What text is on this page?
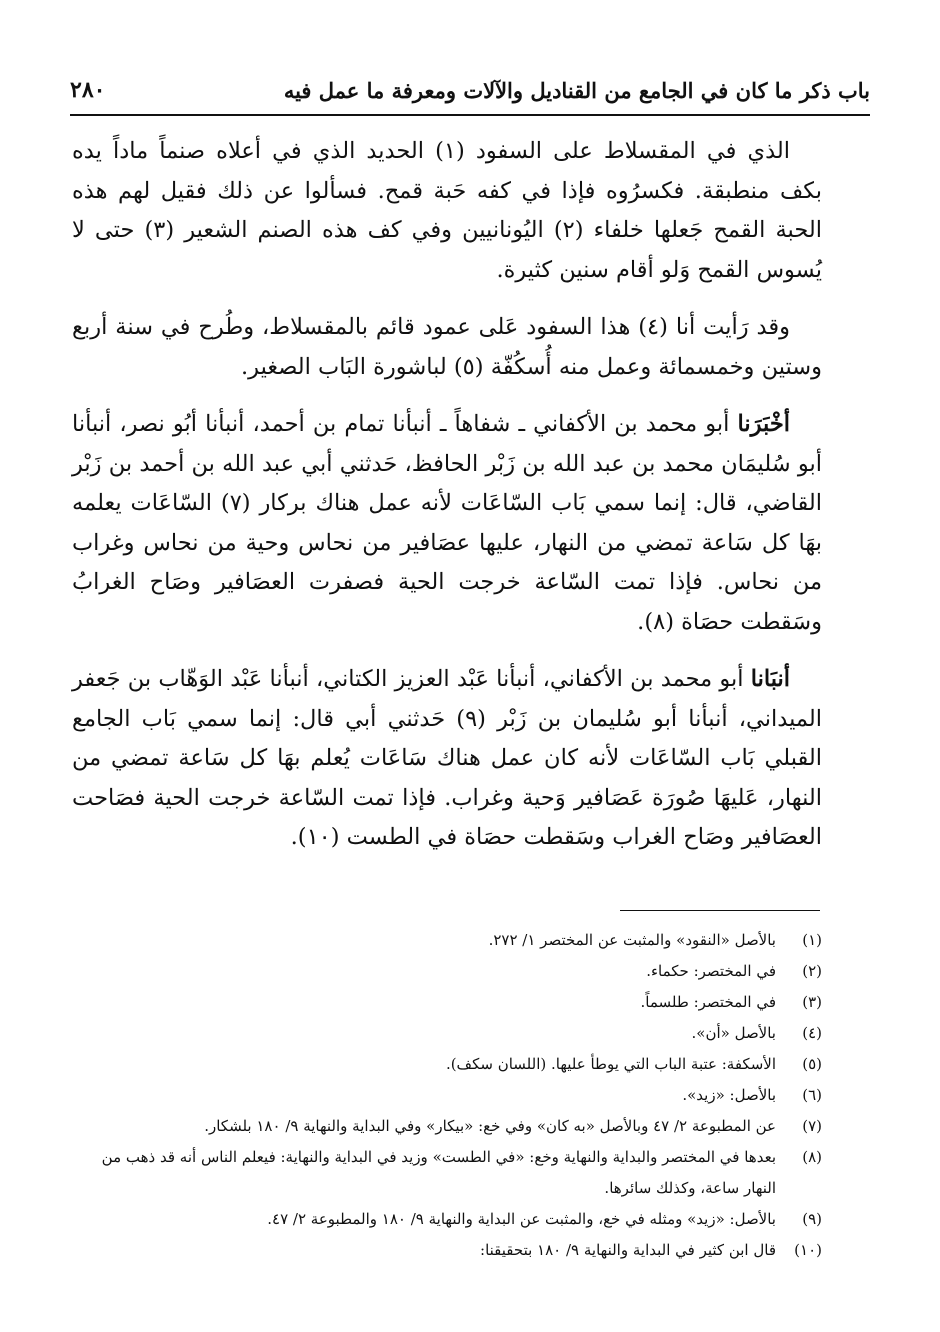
باب ذكر ما كان في الجامع من القناديل والآلات ومعرفة ما عمل فيه
٢٨٠

الذي في المقسلاط على السفود (١) الحديد الذي في أعلاه صنماً ماداً يده بكف منطبقة. فكسرُوه فإذا في كفه حَبة قمح. فسألوا عن ذلك فقيل لهم هذه الحبة القمح جَعلها خلفاء (٢) اليُونانيين وفي كف هذه الصنم الشعير (٣) حتى لا يُسوس القمح وَلو أقام سنين كثيرة.

وقد رَأيت أنا (٤) هذا السفود عَلى عمود قائم بالمقسلاط، وطُرح في سنة أربع وستين وخمسمائة وعمل منه أُسكُفّة (٥) لباشورة البَاب الصغير.

أخْبَرَنا أبو محمد بن الأكفاني ـ شفاهاً ـ أنبأنا تمام بن أحمد، أنبأنا أبُو نصر، أنبأنا أبو سُليمَان محمد بن عبد الله بن زَبْر الحافظ، حَدثني أبي عبد الله بن أحمد بن زَبْر القاضي، قال: إنما سمي بَاب السّاعَات لأنه عمل هناك بركار (٧) السّاعَات يعلمه بهَا كل سَاعة تمضي من النهار، عليها عصَافير من نحاس وحية من نحاس وغراب من نحاس. فإذا تمت السّاعة خرجت الحية فصفرت العصَافير وصَاح الغرابُ وسَقطت حصَاة (٨).

أنبَانا أبو محمد بن الأكفاني، أنبأنا عَبْد العزيز الكتاني، أنبأنا عَبْد الوَهّاب بن جَعفر الميداني، أنبأنا أبو سُليمان بن زَبْر (٩) حَدثني أبي قال: إنما سمي بَاب الجامع القبلي بَاب السّاعَات لأنه كان عمل هناك سَاعَات يُعلم بهَا كل سَاعة تمضي من النهار، عَليهَا صُورَة عَصَافير وَحية وغراب. فإذا تمت السّاعة خرجت الحية فصَاحت العصَافير وصَاح الغراب وسَقطت حصَاة في الطست (١٠).

(١)
بالأصل «النقود» والمثبت عن المختصر ١/ ٢٧٢.
(٢)
في المختصر: حكماء.
(٣)
في المختصر: طلسماً.
(٤)
بالأصل «أن».
(٥)
الأسكفة: عتبة الباب التي يوطأ عليها. (اللسان سكف).
(٦)
بالأصل: «زيد».
(٧)
عن المطبوعة ٢/ ٤٧ وبالأصل «به كان» وفي خع: «بيكار» وفي البداية والنهاية ٩/ ١٨٠ بلشكار.
(٨)
بعدها في المختصر والبداية والنهاية وخع: «في الطست» وزيد في البداية والنهاية: فيعلم الناس أنه قد ذهب من النهار ساعة، وكذلك سائرها.
(٩)
بالأصل: «زيد» ومثله في خع، والمثبت عن البداية والنهاية ٩/ ١٨٠ والمطبوعة ٢/ ٤٧.
(١٠)
قال ابن كثير في البداية والنهاية ٩/ ١٨٠ بتحقيقنا:
